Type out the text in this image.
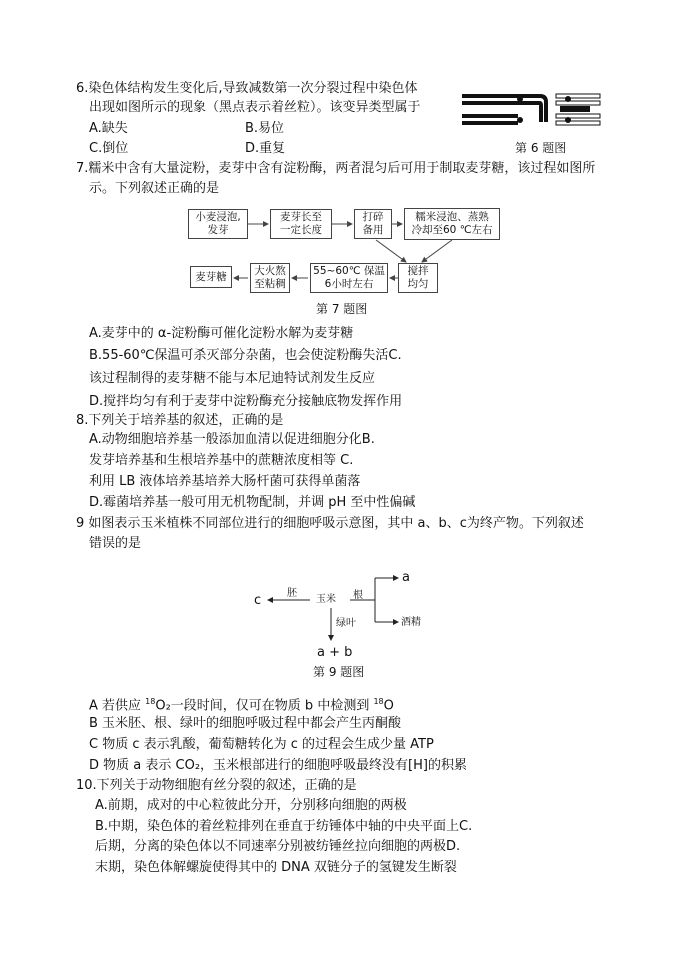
6.染色体结构发生变化后,导致减数第一次分裂过程中染色体
出现如图所示的现象（黑点表示着丝粒）。该变异类型属于
A.缺失	B.易位
C.倒位	D.重复	第 6 题图
7.糯米中含有大量淀粉，麦芽中含有淀粉酶，两者混匀后可用于制取麦芽糖，该过程如图所
示。下列叙述正确的是
小麦浸泡,
发芽
麦芽长至
一定长度
打碎
备用
糯米浸泡、蒸熟
冷却至60 ℃左右
搅拌
均匀
55~60℃ 保温
6小时左右
大火熬
至粘稠
麦芽糖
第 7 题图
A.麦芽中的 α-淀粉酶可催化淀粉水解为麦芽糖
B.55-60℃保温可杀灭部分杂菌，也会使淀粉酶失活C.
该过程制得的麦芽糖不能与本尼迪特试剂发生反应
D.搅拌均匀有利于麦芽中淀粉酶充分接触底物发挥作用
8.下列关于培养基的叙述，正确的是
A.动物细胞培养基一般添加血清以促进细胞分化B.
发芽培养基和生根培养基中的蔗糖浓度相等 C.
利用 LB 液体培养基培养大肠杆菌可获得单菌落
D.霉菌培养基一般可用无机物配制，并调 pH 至中性偏碱
9 如图表示玉米植株不同部位进行的细胞呼吸示意图，其中 a、b、c为终产物。下列叙述
错误的是
玉米
胚	根
绿叶
c
a
酒精
a + b
第 9 题图
A 若供应 $^{18}$O₂一段时间，仅可在物质 b 中检测到 $^{18}$O
B 玉米胚、根、绿叶的细胞呼吸过程中都会产生丙酮酸
C 物质 c 表示乳酸，葡萄糖转化为 c 的过程会生成少量 ATP
D 物质 a 表示 CO₂，玉米根部进行的细胞呼吸最终没有[H]的积累
10.下列关于动物细胞有丝分裂的叙述，正确的是
A.前期，成对的中心粒彼此分开，分别移向细胞的两极
B.中期，染色体的着丝粒排列在垂直于纺锤体中轴的中央平面上C.
后期，分离的染色体以不同速率分别被纺锤丝拉向细胞的两极D.
末期，染色体解螺旋使得其中的 DNA 双链分子的氢键发生断裂
